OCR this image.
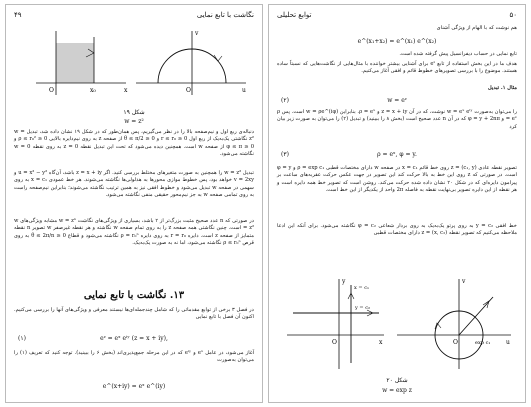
۴۹	نگاشت با تابع نمایی
O	x
x₀
v
u
O
شکل ۱۹
w = z²

دنباله‌ی ربع اول و نیم‌صفحه بالا را در نظر می‌گیریم، پس همان‌طور که در شکل ۱۹ نشان داده شد، تبدیل w = z² نگاشتی یک‌به‌یک از ربع اول 0 ≤ r ≤ r₀ و 0 ≤ θ ≤ π/2 از صفحه z به روی نیم‌دایره بالایی 0 ≤ ρ ≤ r₀² و 0 ≤ φ ≤ π از صفحه w است. همچنین دیده می‌شود که تحت این تبدیل نقطه z = 0 به روی نقطه w = 0 نگاشته می‌شود.

تبدیل w = z² را همچنین به صورت متغیرهای مختلط بررسی کنید. اگر z = x + iy باشد، آن‌گاه u = x² − y² و v = 2xy خواهد بود، پس خطوط موازی محورها به هذلولی‌ها نگاشته می‌شوند. هر خط عمودی x = c₁ به روی سهمی در صفحه w تبدیل می‌شود و خطوط افقی نیز به همین ترتیب نگاشته می‌شوند؛ بنابراین نیم‌صفحه راست به روی تمامی صفحه w به جز نیم‌محور حقیقی منفی نگاشته می‌شود.

در صورتی که n عدد صحیح مثبت بزرگ‌تر از ۲ باشد، بسیاری از ویژگی‌های نگاشت w = zⁿ مشابه ویژگی‌های w = z² است. چنین نگاشتی همه صفحه z را به روی تمام صفحه w نگاشته و هر نقطه غیرصفر w تصویر n نقطه متمایز از صفحه z است. دایره r = r₀ به روی دایره ρ = r₀ⁿ نگاشته می‌شود و قطاع 0 ≤ θ ≤ 2π/n به روی قرص ρ ≤ r₀ⁿ نگاشته می‌شود، اما نه به صورت یک‌به‌یک.

۱۳. نگاشت با تابع نمایی

در فصل ۳ برخی از توابع مقدماتی را که شامل چندجمله‌ای‌ها نیستند معرفی و ویژگی‌های آنها را بررسی می‌کنیم. اکنون آن فصل با تابع نمایی

eᶻ = eˣ eⁱʸ (z = x + iy),
(۱)

آغاز می‌شود، در عامل eˣ و eⁱʸ که در این مرحله جمع‌پذیری‌اند (بخش ۶ را ببینید). توجه کنید که تعریف (۱) را می‌توان به‌صورت

e^(x+iy) = eˣ e^(iy)
توابع تحلیلی	۵۰

هم نوشت که با الهام از ویژگی آشنای

e^(x₁+x₂) = e^(x₁) e^(x₂)

تابع نمایی در حساب دیفرانسیل پیش گرفته شده است.

هدف ما در این بخش استفاده از تابع eᶻ برای آشنایی بیشتر خواننده با مثال‌هایی از نگاشت‌هایی که نسبتاً ساده هستند. موضوع را با بررسی تصویرهای خطوط قائم و افقی آغاز می‌کنیم.

مثال ۱. تبدیل

w = eᶻ
(۲)

را می‌توان به‌صورت w = eˣ eⁱʸ نوشت، که در آن z = x + iy و ρ = eˣ. بنابراین w = ρe^(iφ) است. پس ρ = eˣ و φ = y + 2nπ که در آن n عدد صحیح است (بخش ۸ را ببینید) و تبدیل (۲) را می‌توان به صورت زیر بیان کرد

ρ = eˣ, φ = y.
(۳)

تصویر نقطه عادی z = (c₁, y) روی خط قائم x = c₁ در صفحه w دارای مختصات قطبی ρ = exp c₁ و φ = y است. در صورتی که z روی این خط به بالا حرکت کند این تصویر در جهت عکس حرکت عقربه‌های ساعت بر پیرامون دایره‌ای که در شکل ۲۰ نشان داده شده حرکت می‌کند. روشن است که تصویر خط همه دایره است و هر نقطه از این دایره تصویر بی‌نهایت نقطه به فاصله 2π واحد از یکدیگر از این خط است.

خط افقی y = c₂ به روی پرتو یک‌به‌یک به روی بردار شعاعی φ = c₂ نگاشته می‌شود. برای آنکه این ادعا ملاحظه می‌کنیم که تصویر نقطه z = (x, c₂) دارای مختصات قطبی

y
x
O
x = c₁
y = c₂
v
u
O	exp c₁
شکل ۲۰
w = exp z
